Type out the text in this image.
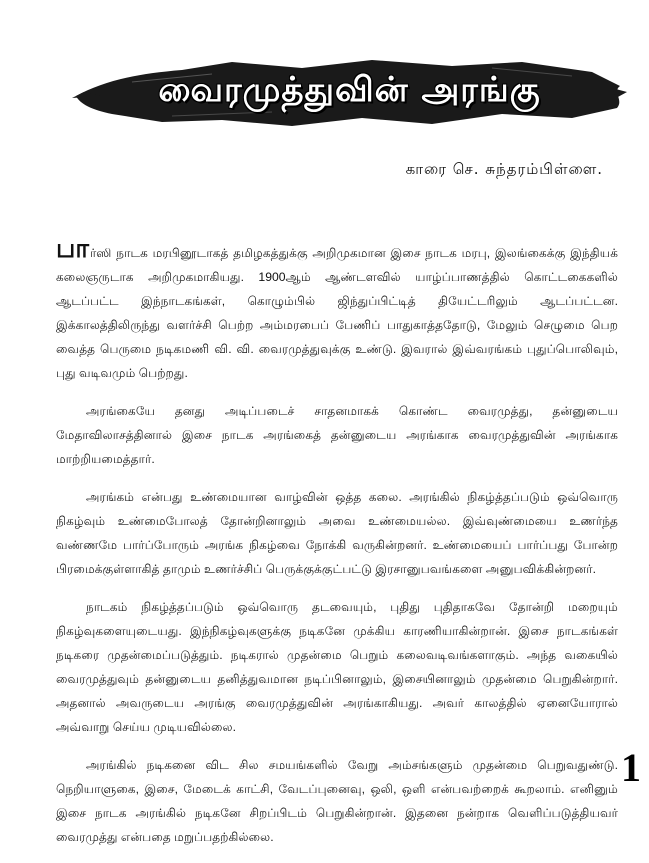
வைரமுத்துவின் அரங்கு
காரை செ. சுந்தரம்பிள்ளை.

பார்ஸி நாடக மரபினூடாகத் தமிழகத்துக்கு அறிமுகமான இசை நாடக மரபு, இலங்கைக்கு இந்தியக் கலைஞருடாக அறிமுகமாகியது. 1900ஆம் ஆண்டளவில் யாழ்ப்பாணத்தில் கொட்டகைகளில் ஆடப்பட்ட இந்நாடகங்கள், கொழும்பில் ஜிந்துப்பிட்டித் தியேட்டரிலும் ஆடப்பட்டன. இக்காலத்திலிருந்து வளர்ச்சி பெற்ற அம்மரபைப் பேணிப் பாதுகாத்ததோடு, மேலும் செழுமை பெற வைத்த பெருமை நடிகமணி வி. வி. வைரமுத்துவுக்கு உண்டு. இவரால் இவ்வரங்கம் புதுப்பொலிவும், புது வடிவமும் பெற்றது.

அரங்கையே தனது அடிப்படைச் சாதனமாகக் கொண்ட வைரமுத்து, தன்னுடைய மேதாவிலாசத்தினால் இசை நாடக அரங்கைத் தன்னுடைய அரங்காக வைரமுத்துவின் அரங்காக மாற்றியமைத்தார்.

அரங்கம் என்பது உண்மையான வாழ்வின் ஒத்த கலை. அரங்கில் நிகழ்த்தப்படும் ஒவ்வொரு நிகழ்வும் உண்மைபோலத் தோன்றினாலும் அவை உண்மையல்ல. இவ்வுண்மையை உணர்ந்த வண்ணமே பார்ப்போரும் அரங்க நிகழ்வை நோக்கி வருகின்றனர். உண்மையைப் பார்ப்பது போன்ற பிரமைக்குள்ளாகித் தாமும் உணர்ச்சிப் பெருக்குக்குட்பட்டு இரசானுபவங்களை அனுபவிக்கின்றனர்.

நாடகம் நிகழ்த்தப்படும் ஒவ்வொரு தடவையும், புதிது புதிதாகவே தோன்றி மறையும் நிகழ்வுகளையுடையது. இந்நிகழ்வுகளுக்கு நடிகனே முக்கிய காரணியாகின்றான். இசை நாடகங்கள் நடிகரை முதன்மைப்படுத்தும். நடிகரால் முதன்மை பெறும் கலைவடிவங்களாகும். அந்த வகையில் வைரமுத்துவும் தன்னுடைய தனித்துவமான நடிப்பினாலும், இசையினாலும் முதன்மை பெறுகின்றார். அதனால் அவருடைய அரங்கு வைரமுத்துவின் அரங்காகியது. அவர் காலத்தில் ஏனையோரால் அவ்வாறு செய்ய முடியவில்லை.

அரங்கில் நடிகனை விட சில சமயங்களில் வேறு அம்சங்களும் முதன்மை பெறுவதுண்டு. நெறியாளுகை, இசை, மேடைக் காட்சி, வேடப்புனைவு, ஒலி, ஒளி என்பவற்றைக் கூறலாம். எனினும் இசை நாடக அரங்கில் நடிகனே சிறப்பிடம் பெறுகின்றான். இதனை நன்றாக வெளிப்படுத்தியவர் வைரமுத்து என்பதை மறுப்பதற்கில்லை.

1
